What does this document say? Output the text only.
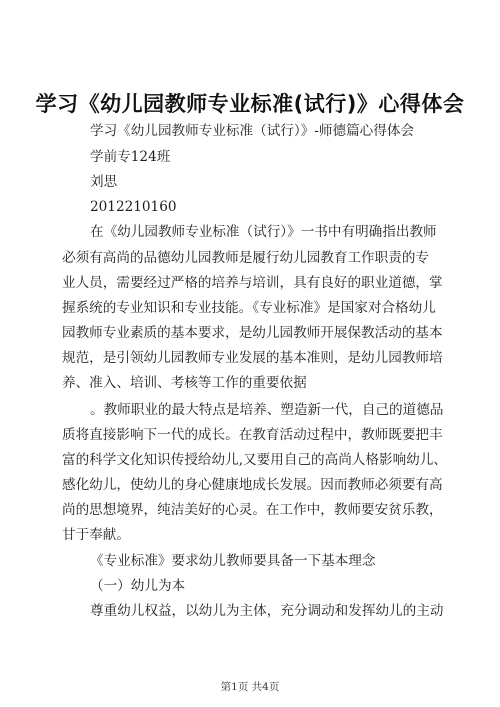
学习《幼儿园教师专业标准(试行)》心得体会
学习《幼儿园教师专业标准（试行）》-师德篇心得体会
学前专124班
刘思
2012210160
在《幼儿园教师专业标准（试行）》一书中有明确指出教师
必须有高尚的品德幼儿园教师是履行幼儿园教育工作职责的专
业人员，需要经过严格的培养与培训，具有良好的职业道德，掌
握系统的专业知识和专业技能。《专业标准》是国家对合格幼儿
园教师专业素质的基本要求，是幼儿园教师开展保教活动的基本
规范，是引领幼儿园教师专业发展的基本准则，是幼儿园教师培
养、准入、培训、考核等工作的重要依据
。教师职业的最大特点是培养、塑造新一代，自己的道德品
质将直接影响下一代的成长。在教育活动过程中，教师既要把丰
富的科学文化知识传授给幼儿,又要用自己的高尚人格影响幼儿、
感化幼儿，使幼儿的身心健康地成长发展。因而教师必须要有高
尚的思想境界，纯洁美好的心灵。在工作中，教师要安贫乐教，
甘于奉献。
《专业标准》要求幼儿教师要具备一下基本理念
（一）幼儿为本
尊重幼儿权益，以幼儿为主体，充分调动和发挥幼儿的主动
第1页 共4页
